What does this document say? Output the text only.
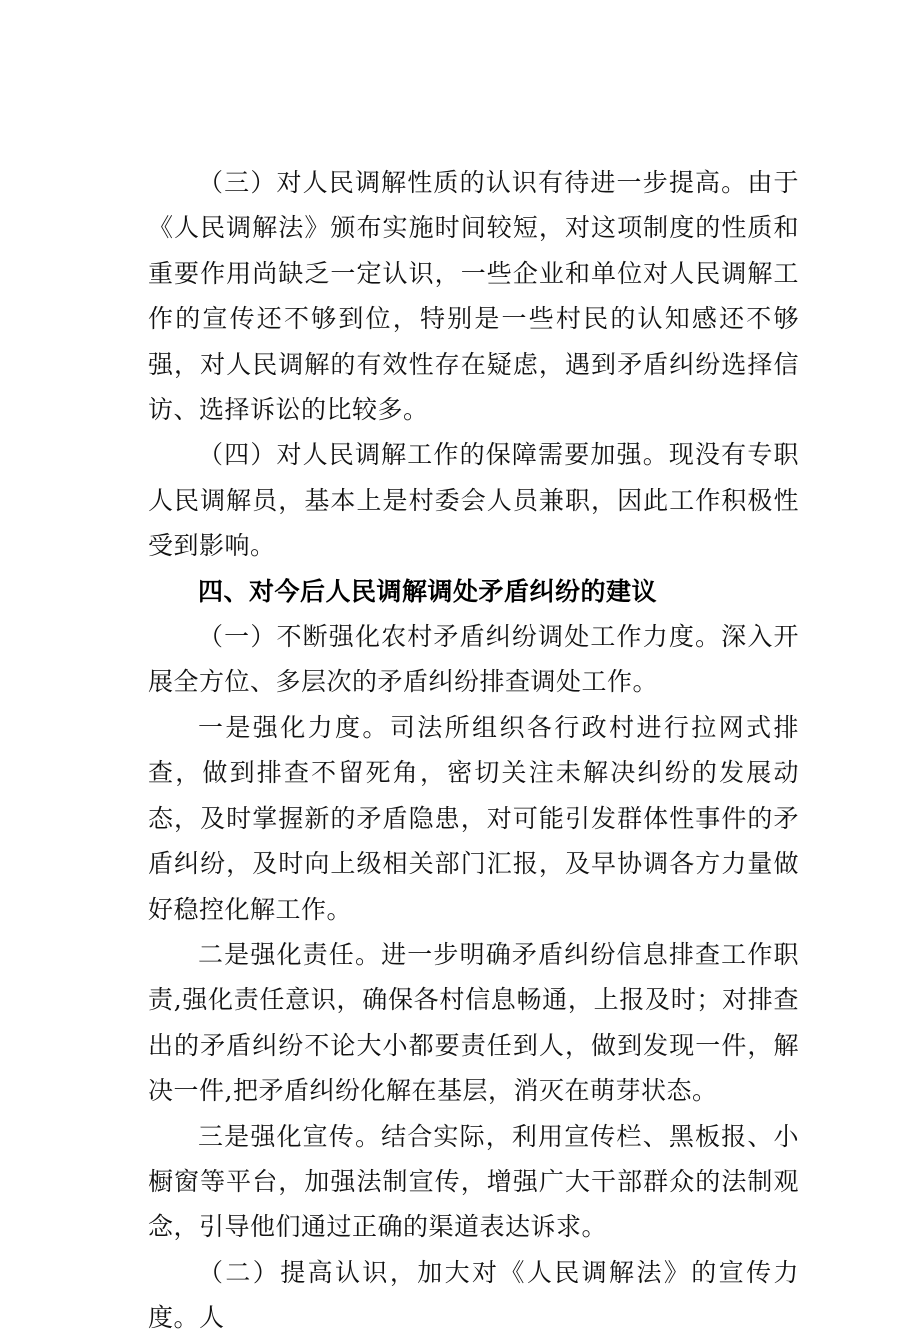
（三）对人民调解性质的认识有待进一步提高。由于《人民调解法》颁布实施时间较短，对这项制度的性质和重要作用尚缺乏一定认识，一些企业和单位对人民调解工作的宣传还不够到位，特别是一些村民的认知感还不够强，对人民调解的有效性存在疑虑，遇到矛盾纠纷选择信访、选择诉讼的比较多。

（四）对人民调解工作的保障需要加强。现没有专职人民调解员，基本上是村委会人员兼职，因此工作积极性受到影响。

四、对今后人民调解调处矛盾纠纷的建议

（一）不断强化农村矛盾纠纷调处工作力度。深入开展全方位、多层次的矛盾纠纷排查调处工作。

一是强化力度。司法所组织各行政村进行拉网式排查，做到排查不留死角，密切关注未解决纠纷的发展动态，及时掌握新的矛盾隐患，对可能引发群体性事件的矛盾纠纷，及时向上级相关部门汇报，及早协调各方力量做好稳控化解工作。

二是强化责任。进一步明确矛盾纠纷信息排查工作职责,强化责任意识，确保各村信息畅通，上报及时；对排查出的矛盾纠纷不论大小都要责任到人，做到发现一件，解决一件,把矛盾纠纷化解在基层，消灭在萌芽状态。

三是强化宣传。结合实际，利用宣传栏、黑板报、小橱窗等平台，加强法制宣传，增强广大干部群众的法制观念，引导他们通过正确的渠道表达诉求。

（二）提高认识，加大对《人民调解法》的宣传力度。人
